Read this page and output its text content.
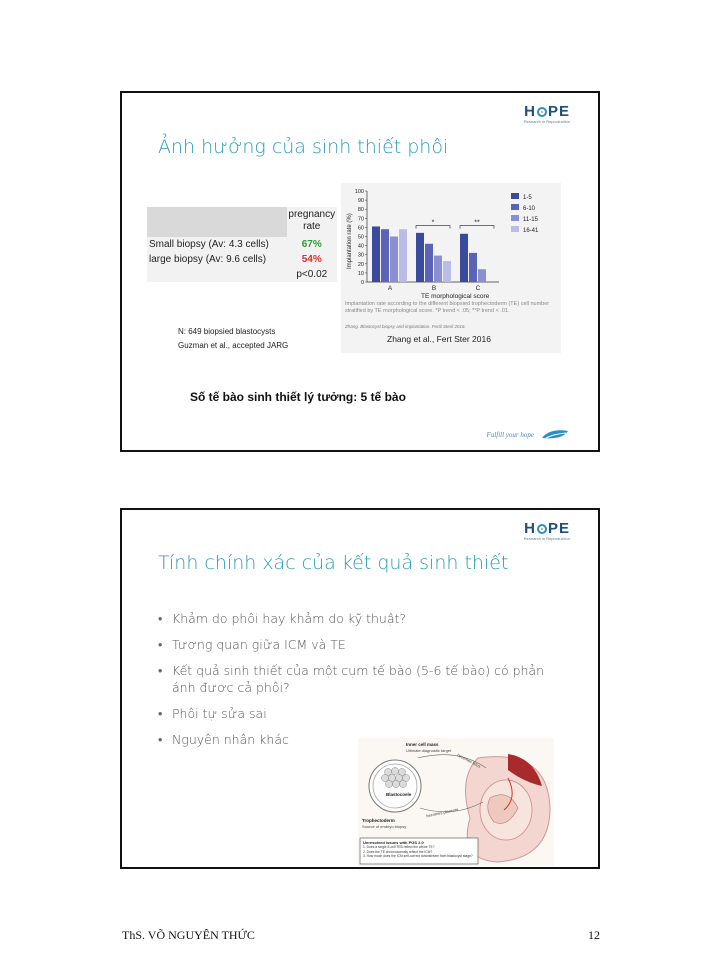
H PE
Research in Reproduction
Ảnh hưởng của sinh thiết phôi
pregnancy rate
Small biopsy (Av: 4.3 cells)	67%
large biopsy (Av: 9.6 cells)	54%
p<0.02
N: 649 biopsied blastocysts
Guzman et al., accepted JARG
0
10
20
30
40
50
60
70
80
90
100
A	B	C
*	**
1-5
6-10
11-15
16-41
TE morphological score
Implantation rate (%)
Implantation rate according to the different biopsied trophectoderm (TE) cell number stratified by TE morphological score. *P trend < .05; **P trend < .01.
Zhang. Blastocyst biopsy and implantation. Fertil Steril 2016.
Zhang et al., Fert Ster 2016
Số tế bào sinh thiết lý tưởng: 5 tế bào
Fulfill your hope
H PE
Research in Reproduction
Tính chính xác của kết quả sinh thiết
• Khảm do phôi hay khảm do kỹ thuật?
• Tương quan giữa ICM và TE
• Kết quả sinh thiết của một cụm tế bào (5-6 tế bào) có phản ánh được cả phôi?
• Phôi tự sửa sai
• Nguyên nhân khác	Inner cell mass
Ultimate diagnostic target
Blastocoele
Trophectoderm
Source of embryo biopsy
becomes placenta
becomes fetus
Unresolved issues with PGS 2.0
1. Does a single 5-cell TEB reflect the whole TE?
2. Does the TE chromosomally reflect the ICM?
3. How much does the ICM self-correct downstream from blastocyst stage?
ThS. VÕ NGUYÊN THỨC	12
